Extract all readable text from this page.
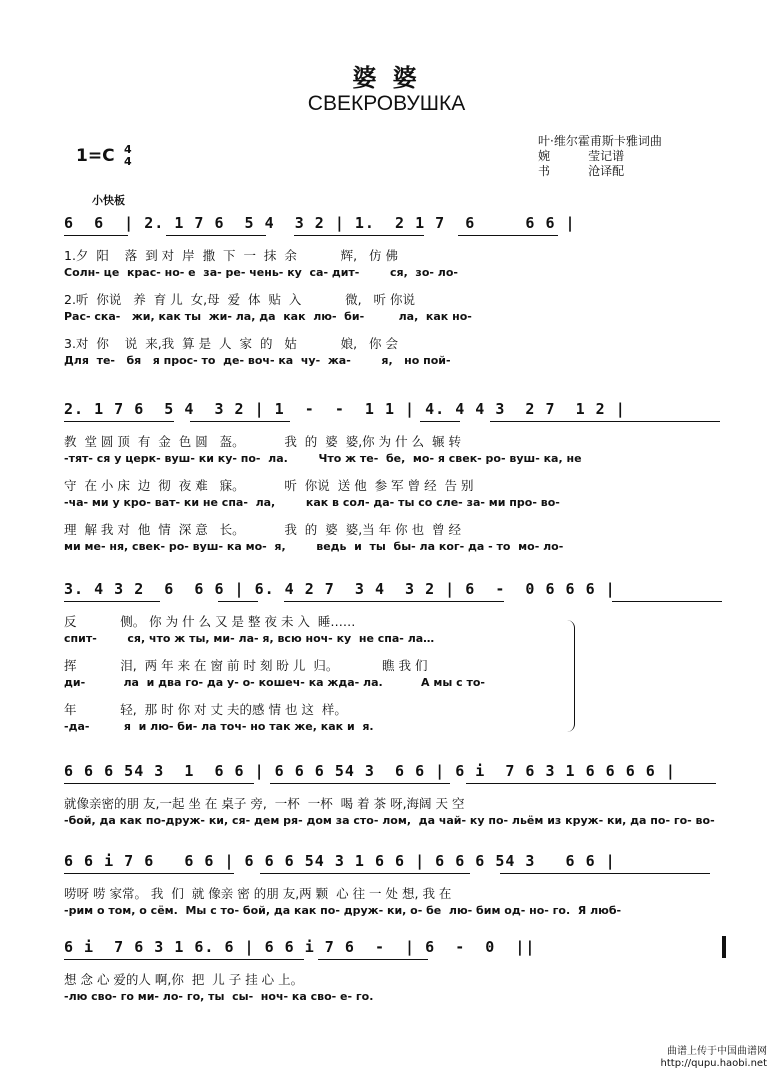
婆 婆
СВЕКРОВУШКА
1=C 4
4
小快板
叶·维尔霍甫斯卡雅词曲
婉          莹记谱
书          沧译配
6  6  | 2. 1 7 6  5 4  3 2 | 1.  2 1 7  6     6 6 |
1.夕  阳    落  到 对  岸  撒  下  一  抹  余           辉,   仿 佛
Солн- це  крас- но- е  за- ре- чень- ку  са- дит-        ся,  зо- ло-
2.听  你说   养  育 儿  女,母  爱  体  贴  入           微,   听 你说
Рас- ска-   жи, как ты  жи- ла, да  как  лю-  би-         ла,  как но-
3.对  你    说  来,我  算 是  人  家  的   姑           娘,   你 会
Для  те-   бя   я прос- то  де- воч- ка  чу-  жа-        я,   но пой-
2. 1 7 6  5 4  3 2 | 1  -  -  1 1 | 4. 4 4 3  2 7  1 2 |
教  堂 圆 顶  有  金  色 圆   盔。          我  的  婆  婆,你 为 什 么  辗 转
-тят- ся у церк- вуш- ки ку- по-  ла.        Что ж те-  бе,  мо- я свек- ро- вуш- ка, не
守  在 小 床  边  彻  夜 难   寐。          听  你说  送 他  参 军 曾 经  告 别
-ча- ми у кро- ват- ки не спа-  ла,        как в сол- да- ты со сле- за- ми про- во-
理  解 我 对  他  情  深 意   长。          我  的  婆  婆,当 年 你 也  曾 经
ми ме- ня, свек- ро- вуш- ка мо-  я,        ведь  и  ты  бы- ла ког- да - то  мо- ло-
3. 4 3 2  6  6 6 | 6. 4 2 7  3 4  3 2 | 6  -  0 6 6 6 |
反           侧。 你 为 什 么 又 是 整 夜 未 入  睡……
спит-        ся, что ж ты, ми- ла- я, всю ноч- ку  не спа- ла…
挥           泪,  两 年 来 在 窗 前 时 刻 盼 儿  归。           瞧 我 们
ди-          ла  и два го- да у- о- кошеч- ка жда- ла.          А мы с то-
年           轻,  那 时 你 对 丈 夫的感 情 也 这  样。
-да-         я  и лю- би- ла точ- но так же, как и  я.
6 6 6 54 3  1  6 6 | 6 6 6 54 3  6 6 | 6 i  7 6 3 1 6 6 6 6 |
就像亲密的朋 友,一起 坐 在 桌子 旁,  一杯  一杯  喝 着 茶 呀,海阔 天 空
-бой, да как по-друж- ки, ся- дем ря- дом за сто- лом,  да чай- ку по- льём из круж- ки, да по- го- во-
6 6 i 7 6   6 6 | 6 6 6 54 3 1 6 6 | 6 6 6 54 3   6 6 |
唠呀 唠 家常。 我  们  就 像亲 密 的朋 友,两 颗  心 往 一 处 想, 我 在
-рим о том, о сём.  Мы с то- бой, да как по- друж- ки, о- бе  лю- бим од- но- го.  Я люб-
6 i  7 6 3 1 6. 6 | 6 6 i 7 6  -  | 6  -  0  ||
想 念 心 爱的人 啊,你  把  儿 子 挂 心 上。
-лю сво- го ми- ло- го, ты  сы-  ноч- ка сво- е- го.
曲谱上传于中国曲谱网
http://qupu.haobi.net
